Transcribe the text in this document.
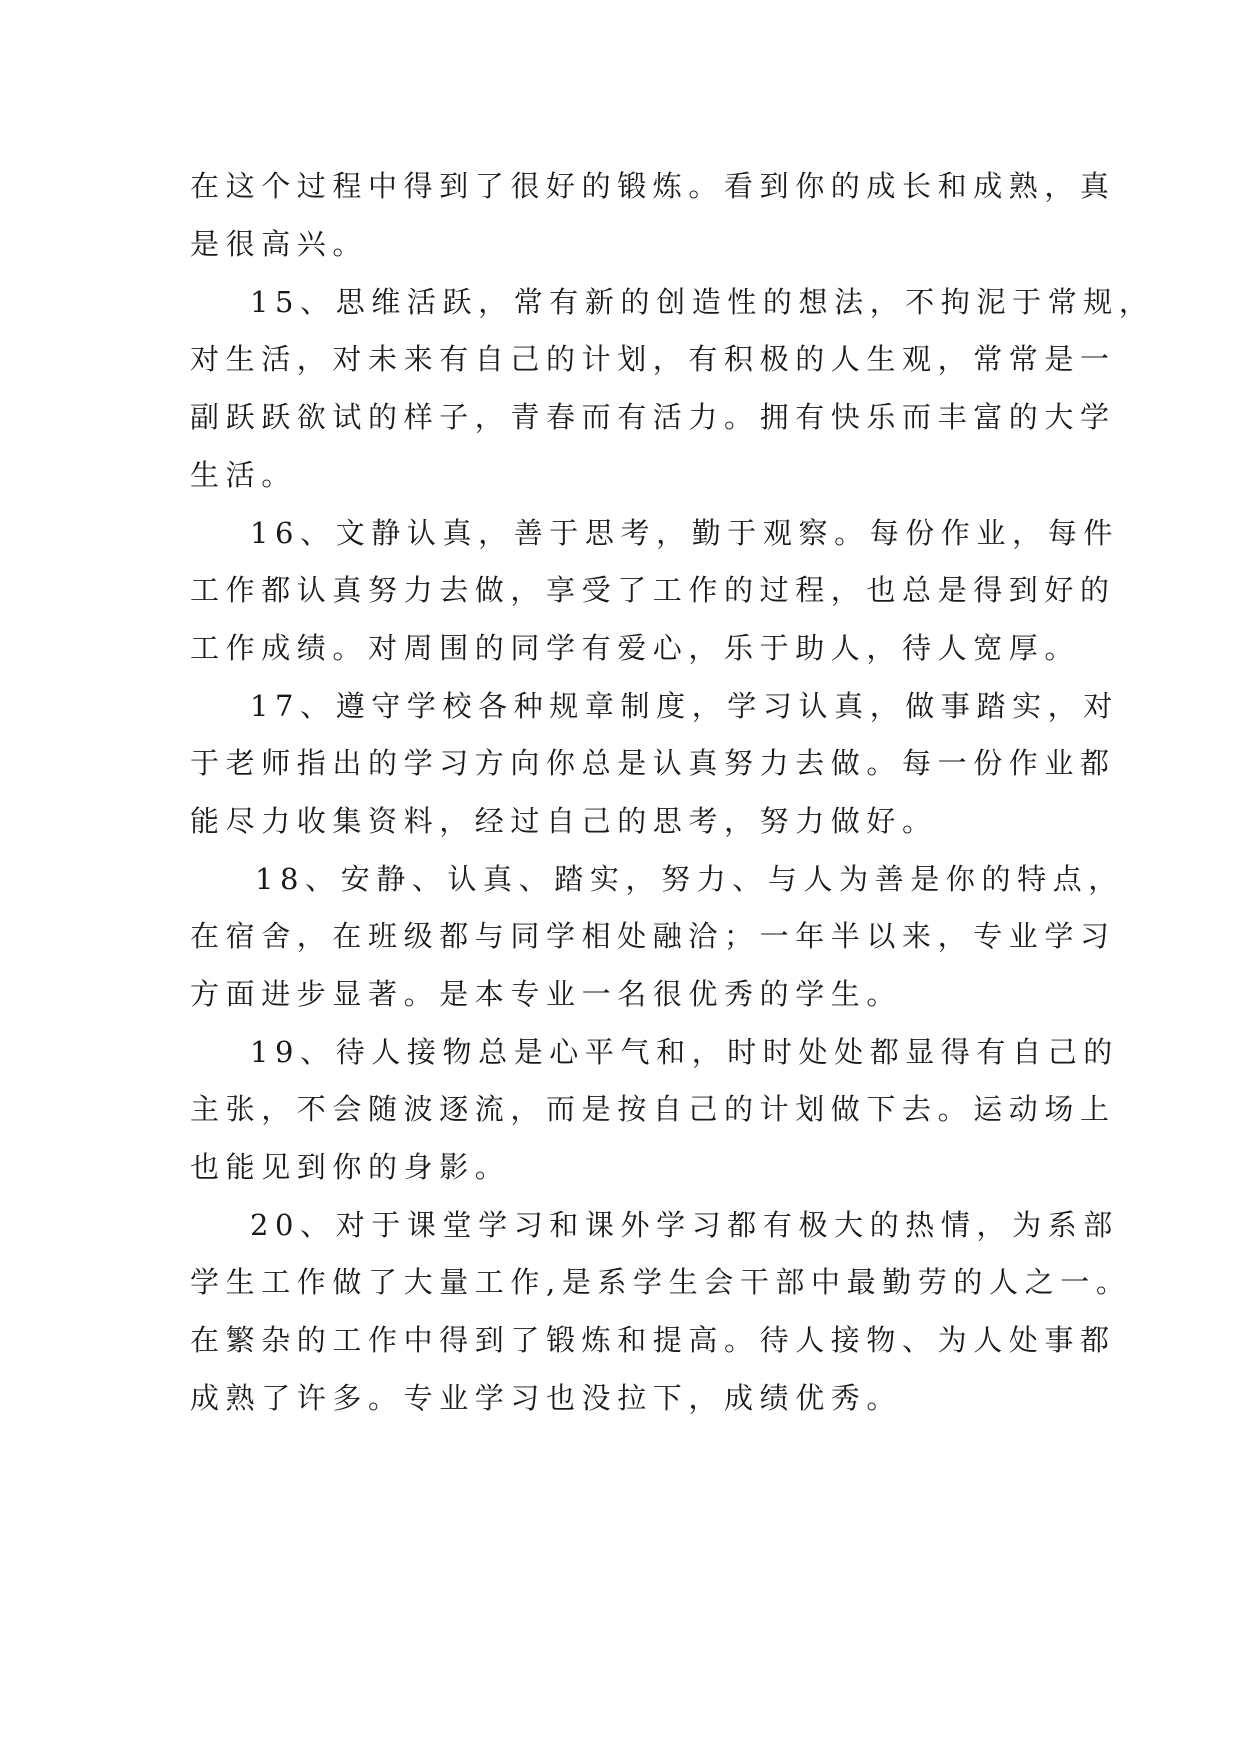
在这个过程中得到了很好的锻炼。看到你的成长和成熟，真
是很高兴。
15、思维活跃，常有新的创造性的想法，不拘泥于常规，
对生活，对未来有自己的计划，有积极的人生观，常常是一
副跃跃欲试的样子，青春而有活力。拥有快乐而丰富的大学
生活。
16、文静认真，善于思考，勤于观察。每份作业，每件
工作都认真努力去做，享受了工作的过程，也总是得到好的
工作成绩。对周围的同学有爱心，乐于助人，待人宽厚。
17、遵守学校各种规章制度，学习认真，做事踏实，对
于老师指出的学习方向你总是认真努力去做。每一份作业都
能尽力收集资料，经过自己的思考，努力做好。
18、安静、认真、踏实，努力、与人为善是你的特点，
在宿舍，在班级都与同学相处融洽；一年半以来，专业学习
方面进步显著。是本专业一名很优秀的学生。
19、待人接物总是心平气和，时时处处都显得有自己的
主张，不会随波逐流，而是按自己的计划做下去。运动场上
也能见到你的身影。
20、对于课堂学习和课外学习都有极大的热情，为系部
学生工作做了大量工作,是系学生会干部中最勤劳的人之一。
在繁杂的工作中得到了锻炼和提高。待人接物、为人处事都
成熟了许多。专业学习也没拉下，成绩优秀。
